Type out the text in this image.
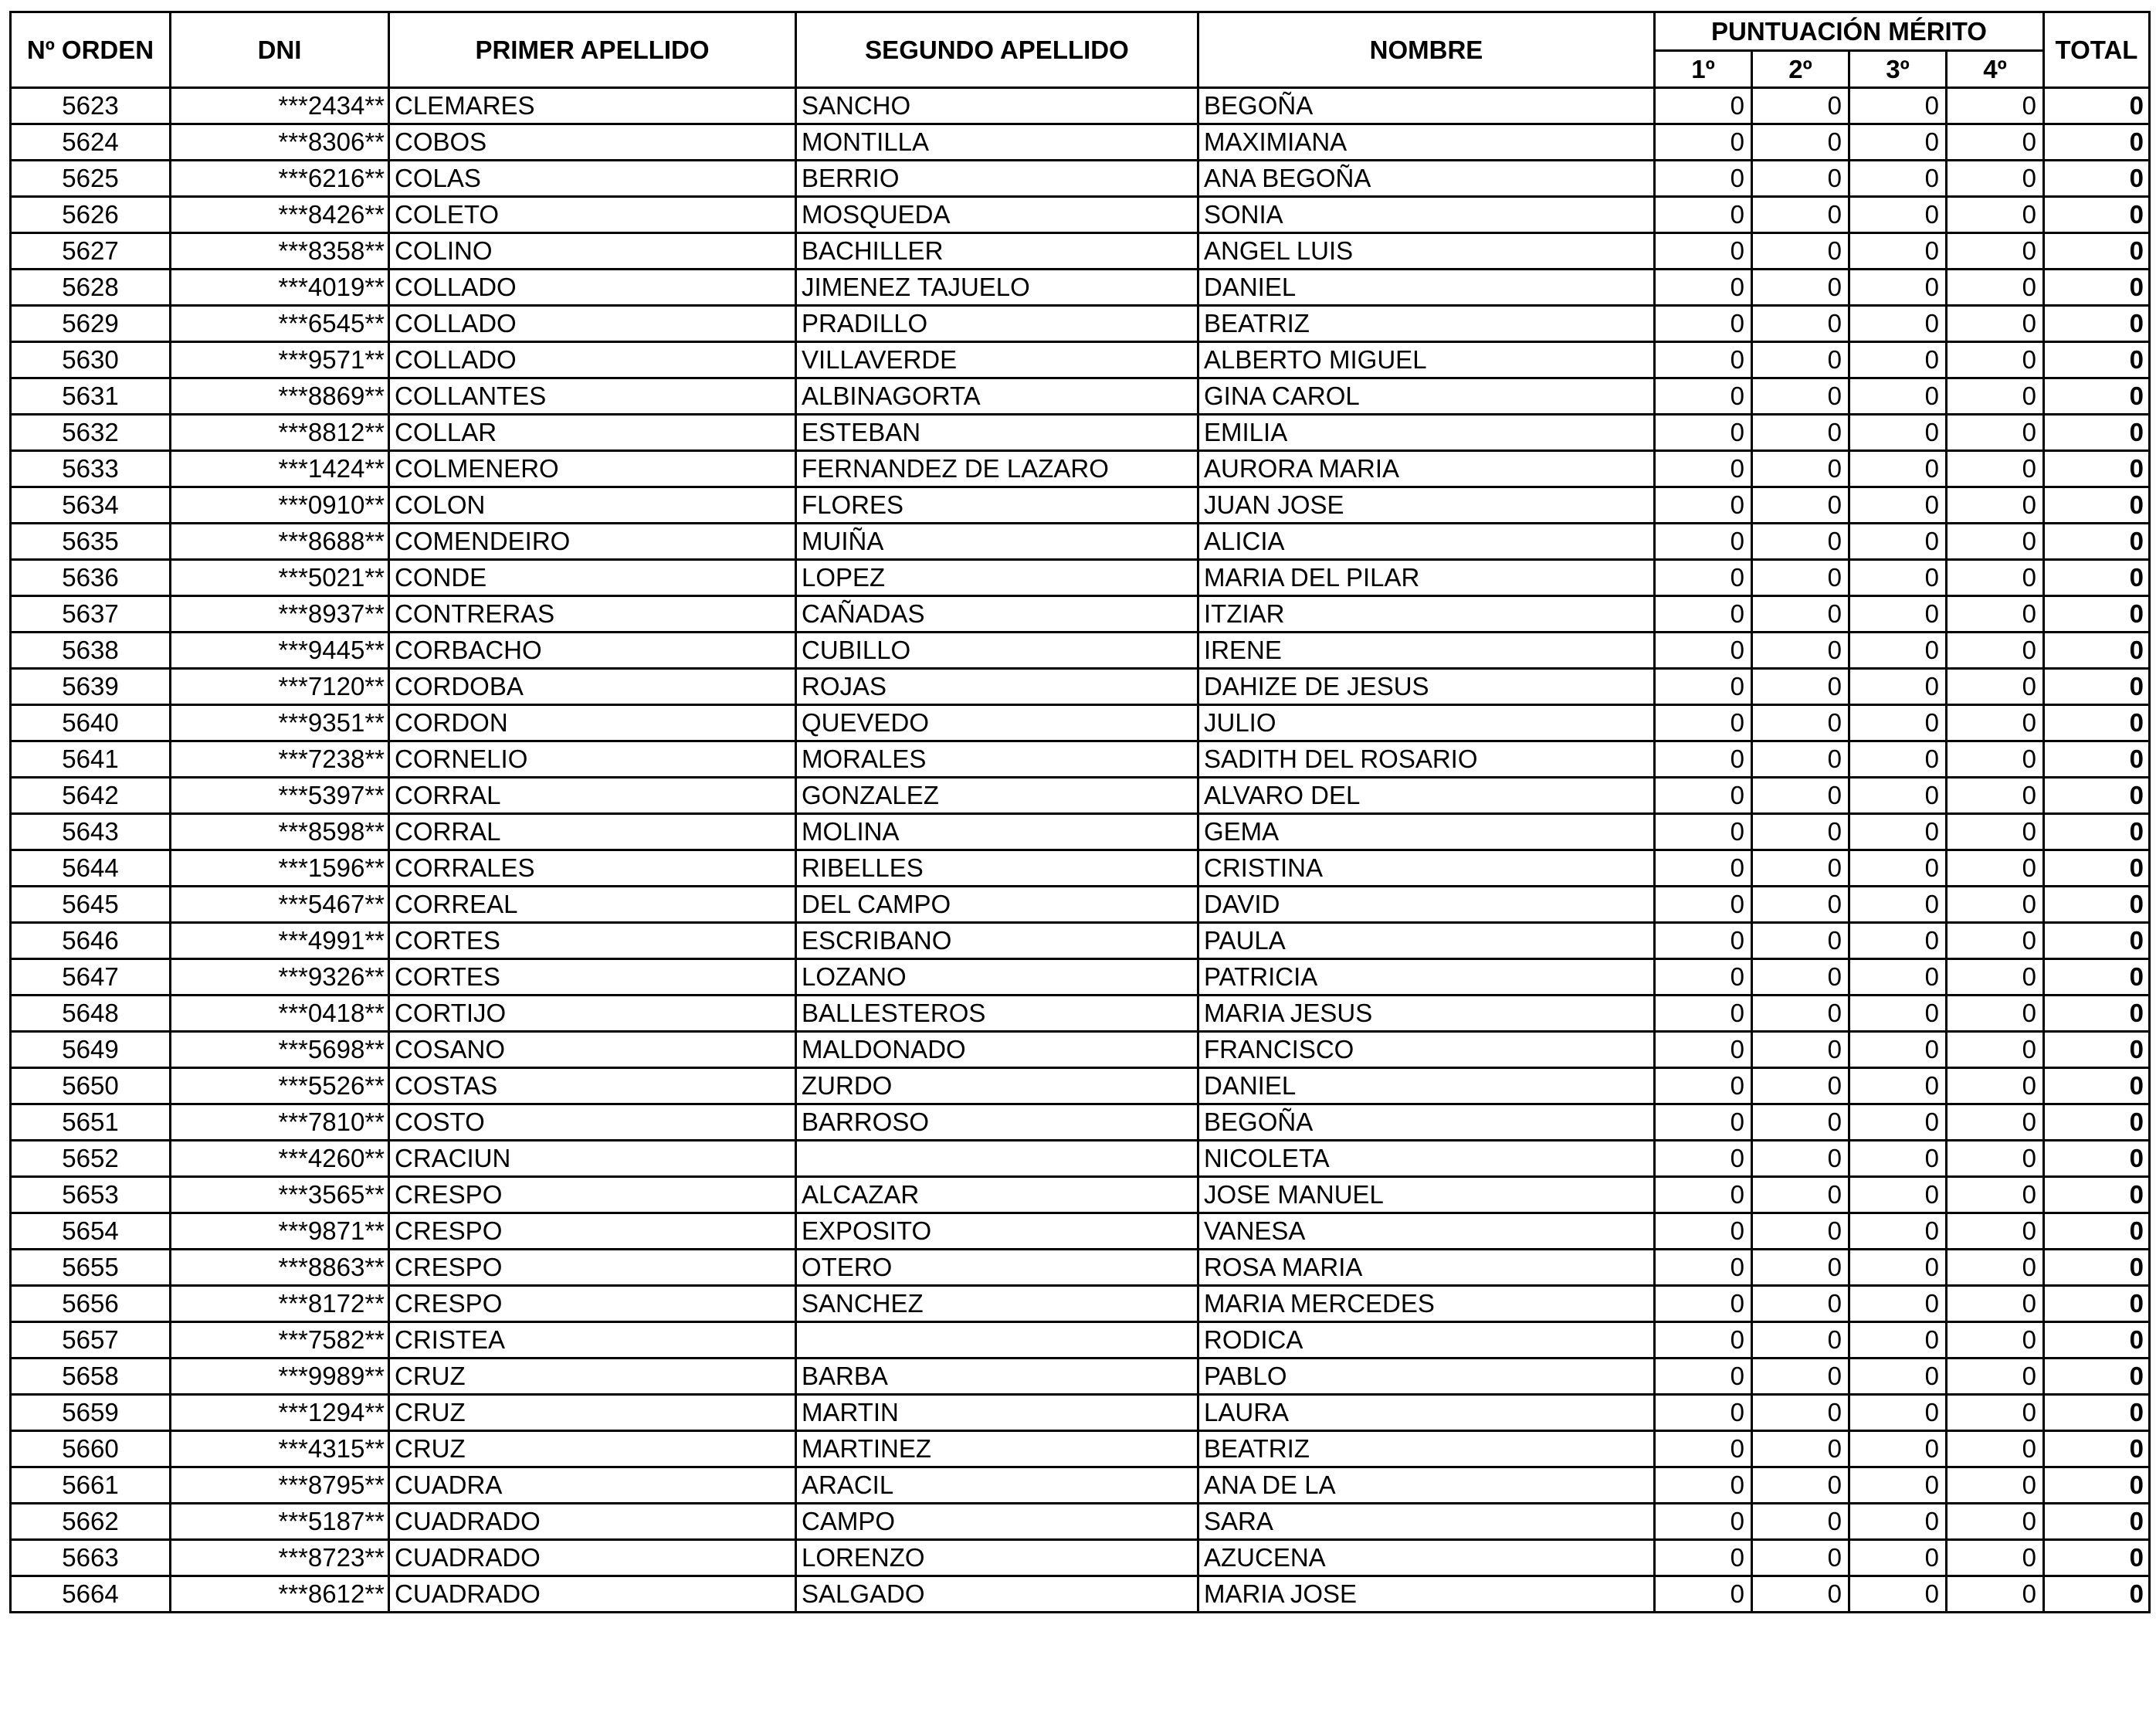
Nº ORDEN	DNI	PRIMER APELLIDO	SEGUNDO APELLIDO	NOMBRE	PUNTUACIÓN MÉRITO				TOTAL
					1º	2º	3º	4º	
5623	***2434**	CLEMARES	SANCHO	BEGOÑA	0	0	0	0	0
5624	***8306**	COBOS	MONTILLA	MAXIMIANA	0	0	0	0	0
5625	***6216**	COLAS	BERRIO	ANA BEGOÑA	0	0	0	0	0
5626	***8426**	COLETO	MOSQUEDA	SONIA	0	0	0	0	0
5627	***8358**	COLINO	BACHILLER	ANGEL LUIS	0	0	0	0	0
5628	***4019**	COLLADO	JIMENEZ TAJUELO	DANIEL	0	0	0	0	0
5629	***6545**	COLLADO	PRADILLO	BEATRIZ	0	0	0	0	0
5630	***9571**	COLLADO	VILLAVERDE	ALBERTO MIGUEL	0	0	0	0	0
5631	***8869**	COLLANTES	ALBINAGORTA	GINA CAROL	0	0	0	0	0
5632	***8812**	COLLAR	ESTEBAN	EMILIA	0	0	0	0	0
5633	***1424**	COLMENERO	FERNANDEZ DE LAZARO	AURORA MARIA	0	0	0	0	0
5634	***0910**	COLON	FLORES	JUAN JOSE	0	0	0	0	0
5635	***8688**	COMENDEIRO	MUIÑA	ALICIA	0	0	0	0	0
5636	***5021**	CONDE	LOPEZ	MARIA DEL PILAR	0	0	0	0	0
5637	***8937**	CONTRERAS	CAÑADAS	ITZIAR	0	0	0	0	0
5638	***9445**	CORBACHO	CUBILLO	IRENE	0	0	0	0	0
5639	***7120**	CORDOBA	ROJAS	DAHIZE DE JESUS	0	0	0	0	0
5640	***9351**	CORDON	QUEVEDO	JULIO	0	0	0	0	0
5641	***7238**	CORNELIO	MORALES	SADITH DEL ROSARIO	0	0	0	0	0
5642	***5397**	CORRAL	GONZALEZ	ALVARO DEL	0	0	0	0	0
5643	***8598**	CORRAL	MOLINA	GEMA	0	0	0	0	0
5644	***1596**	CORRALES	RIBELLES	CRISTINA	0	0	0	0	0
5645	***5467**	CORREAL	DEL CAMPO	DAVID	0	0	0	0	0
5646	***4991**	CORTES	ESCRIBANO	PAULA	0	0	0	0	0
5647	***9326**	CORTES	LOZANO	PATRICIA	0	0	0	0	0
5648	***0418**	CORTIJO	BALLESTEROS	MARIA JESUS	0	0	0	0	0
5649	***5698**	COSANO	MALDONADO	FRANCISCO	0	0	0	0	0
5650	***5526**	COSTAS	ZURDO	DANIEL	0	0	0	0	0
5651	***7810**	COSTO	BARROSO	BEGOÑA	0	0	0	0	0
5652	***4260**	CRACIUN		NICOLETA	0	0	0	0	0
5653	***3565**	CRESPO	ALCAZAR	JOSE MANUEL	0	0	0	0	0
5654	***9871**	CRESPO	EXPOSITO	VANESA	0	0	0	0	0
5655	***8863**	CRESPO	OTERO	ROSA MARIA	0	0	0	0	0
5656	***8172**	CRESPO	SANCHEZ	MARIA MERCEDES	0	0	0	0	0
5657	***7582**	CRISTEA		RODICA	0	0	0	0	0
5658	***9989**	CRUZ	BARBA	PABLO	0	0	0	0	0
5659	***1294**	CRUZ	MARTIN	LAURA	0	0	0	0	0
5660	***4315**	CRUZ	MARTINEZ	BEATRIZ	0	0	0	0	0
5661	***8795**	CUADRA	ARACIL	ANA DE LA	0	0	0	0	0
5662	***5187**	CUADRADO	CAMPO	SARA	0	0	0	0	0
5663	***8723**	CUADRADO	LORENZO	AZUCENA	0	0	0	0	0
5664	***8612**	CUADRADO	SALGADO	MARIA JOSE	0	0	0	0	0
